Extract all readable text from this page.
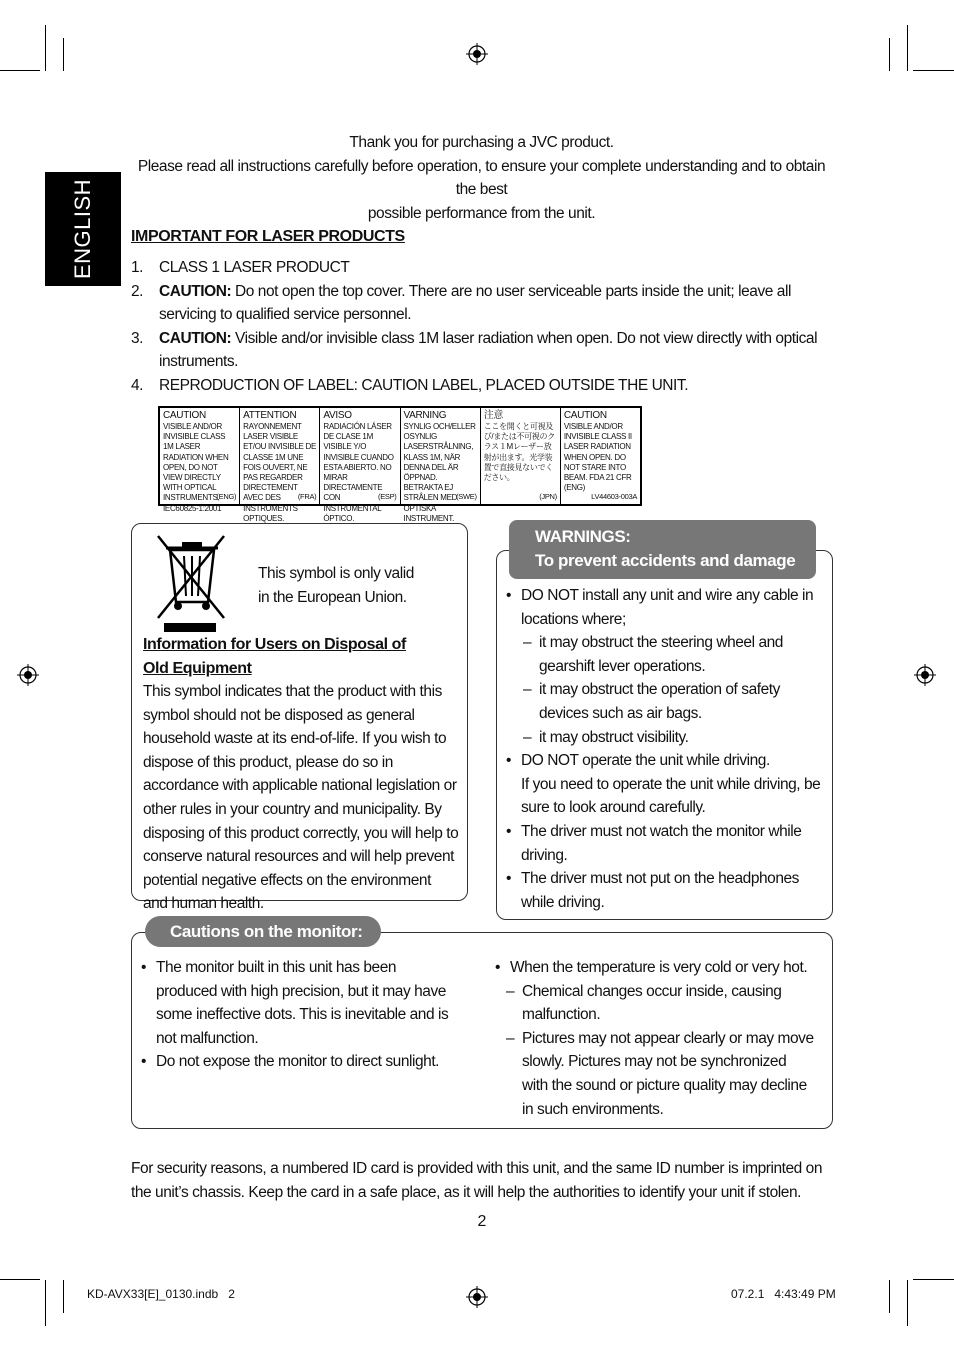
ENGLISH
Thank you for purchasing a JVC product.
Please read all instructions carefully before operation, to ensure your complete understanding and to obtain the best
possible performance from the unit.
IMPORTANT FOR LASER PRODUCTS
1. CLASS 1 LASER PRODUCT
2. CAUTION: Do not open the top cover. There are no user serviceable parts inside the unit; leave all servicing to qualified service personnel.
3. CAUTION: Visible and/or invisible class 1M laser radiation when open. Do not view directly with optical instruments.
4. REPRODUCTION OF LABEL: CAUTION LABEL, PLACED OUTSIDE THE UNIT.
CAUTION
VISIBLE AND/OR INVISIBLE CLASS 1M LASER RADIATION WHEN OPEN, DO NOT VIEW DIRECTLY WITH OPTICAL INSTRUMENTS. IEC60825-1:2001
(ENG)
ATTENTION
RAYONNEMENT LASER VISIBLE ET/OU INVISIBLE DE CLASSE 1M UNE FOIS OUVERT, NE PAS REGARDER DIRECTEMENT AVEC DES INSTRUMENTS OPTIQUES.
(FRA)
AVISO
RADIACIÓN LÁSER DE CLASE 1M VISIBLE Y/O INVISIBLE CUANDO ESTA ABIERTO. NO MIRAR DIRECTAMENTE CON INSTRUMENTAL ÓPTICO.
(ESP)
VARNING
SYNLIG OCH/ELLER OSYNLIG LASERSTRÅLNING, KLASS 1M, NÄR DENNA DEL ÄR ÖPPNAD. BETRAKTA EJ STRÅLEN MED OPTISKA INSTRUMENT.
(SWE)
注意
ここを開くと可視及び/または不可視のクラス１Mレーザー放射が出ます。光学装置で直接見ないでください。
(JPN)
CAUTION
VISIBLE AND/OR INVISIBLE CLASS II LASER RADIATION WHEN OPEN. DO NOT STARE INTO BEAM. FDA 21 CFR (ENG)
LV44603-003A
This symbol is only valid in the European Union.
Information for Users on Disposal of Old Equipment
This symbol indicates that the product with this symbol should not be disposed as general household waste at its end-of-life. If you wish to dispose of this product, please do so in accordance with applicable national legislation or other rules in your country and municipality. By disposing of this product correctly, you will help to conserve natural resources and will help prevent potential negative effects on the environment and human health.
WARNINGS:
To prevent accidents and damage
• DO NOT install any unit and wire any cable in locations where;
– it may obstruct the steering wheel and gearshift lever operations.
– it may obstruct the operation of safety devices such as air bags.
– it may obstruct visibility.
• DO NOT operate the unit while driving.
If you need to operate the unit while driving, be sure to look around carefully.
• The driver must not watch the monitor while driving.
• The driver must not put on the headphones while driving.
Cautions on the monitor:
• The monitor built in this unit has been produced with high precision, but it may have some ineffective dots. This is inevitable and is not malfunction.
• Do not expose the monitor to direct sunlight.
• When the temperature is very cold or very hot.
– Chemical changes occur inside, causing malfunction.
– Pictures may not appear clearly or may move slowly. Pictures may not be synchronized with the sound or picture quality may decline in such environments.
For security reasons, a numbered ID card is provided with this unit, and the same ID number is imprinted on the unit’s chassis. Keep the card in a safe place, as it will help the authorities to identify your unit if stolen.
2
KD-AVX33[E]_0130.indb   2	07.2.1   4:43:49 PM
